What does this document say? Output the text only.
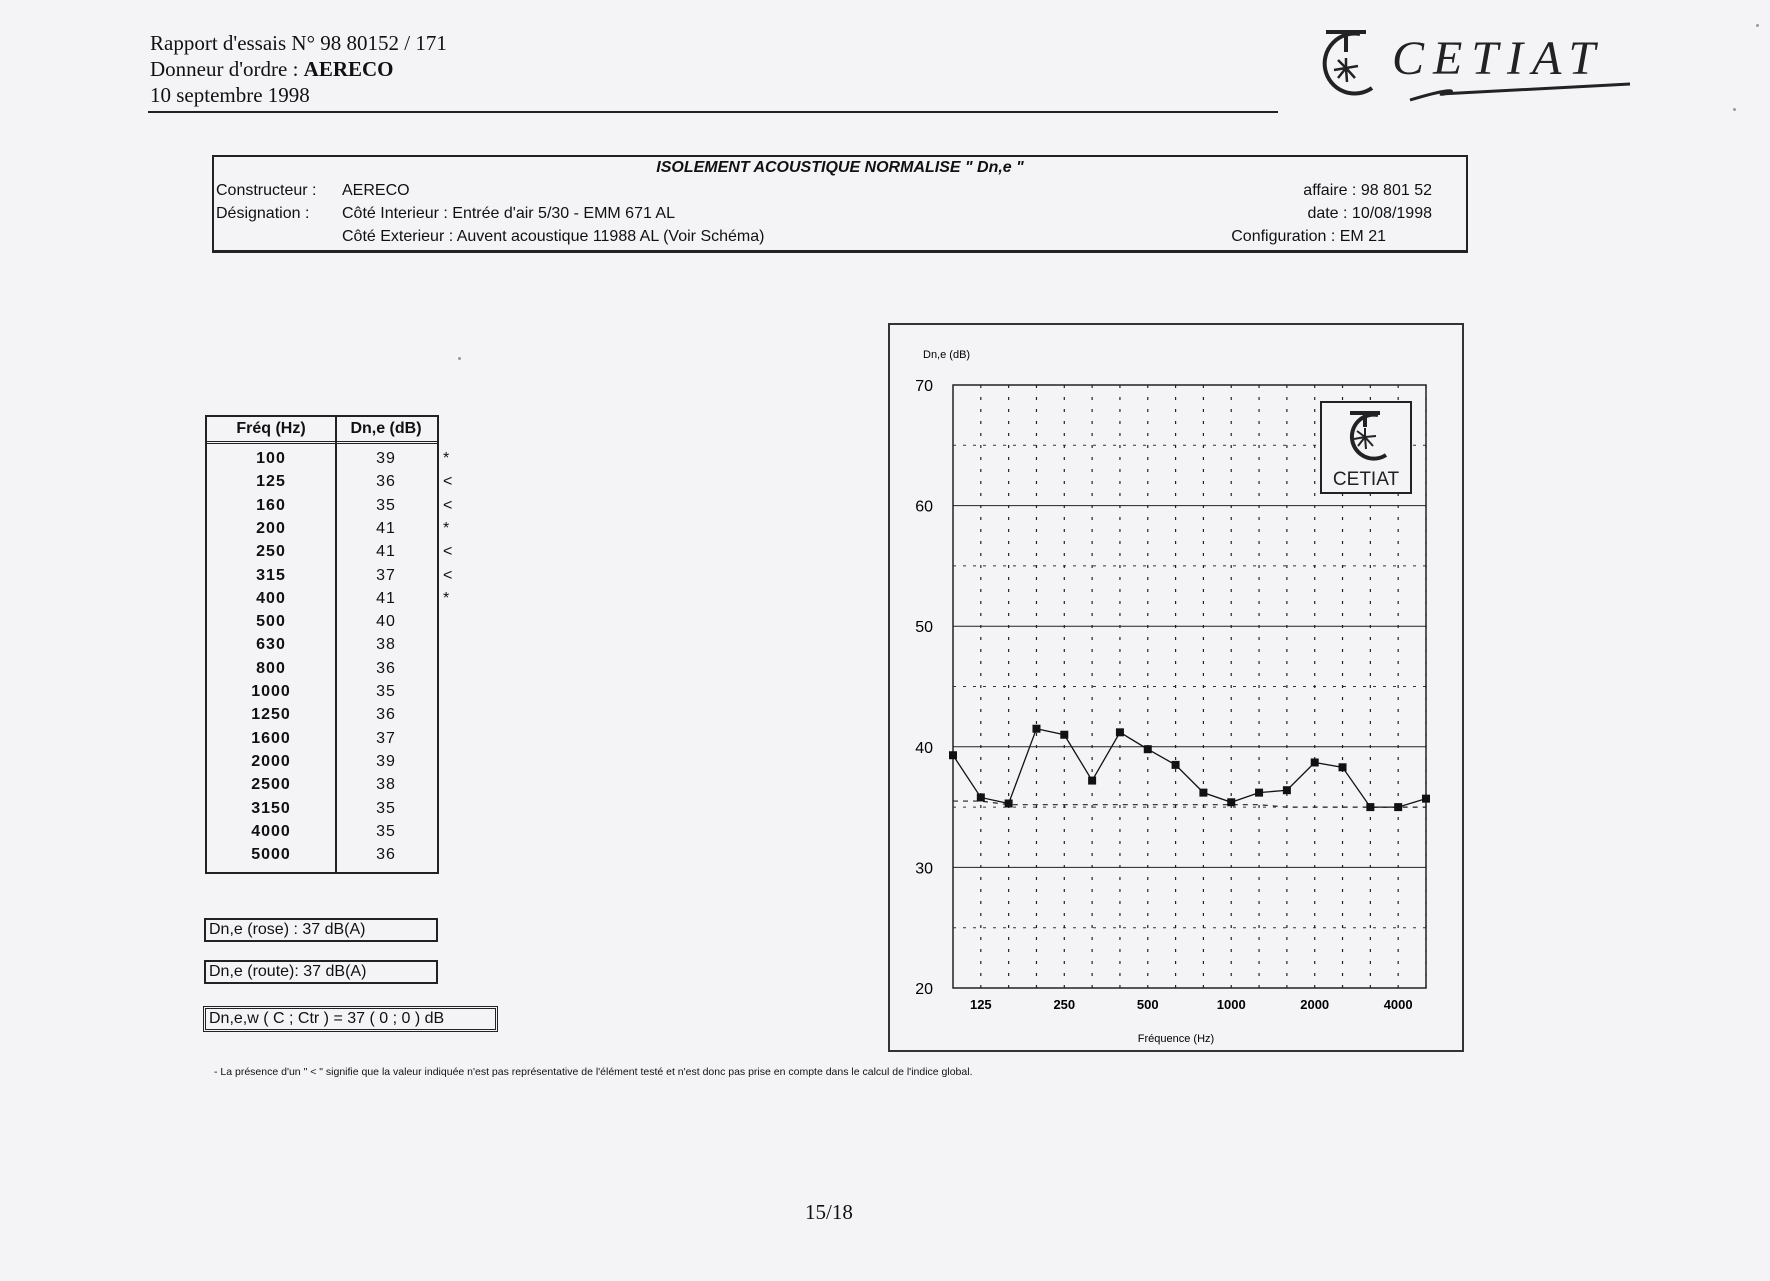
Rapport d'essais N° 98 80152 / 171
Donneur d'ordre : AERECO
10 septembre 1998
CETIAT
ISOLEMENT ACOUSTIQUE NORMALISE " Dn,e "
Constructeur : AERECO
Désignation : Côté Interieur : Entrée d'air 5/30 - EMM 671 AL
Côté Exterieur : Auvent acoustique 11988 AL (Voir Schéma)
affaire : 98 801 52
date : 10/08/1998
Configuration : EM 21
Fréq (Hz)	Dn,e (dB)
100	39	*
125	36	<
160	35	<
200	41	*
250	41	<
315	37	<
400	41	*
500	40
630	38
800	36
1000	35
1250	36
1600	37
2000	39
2500	38
3150	35
4000	35
5000	36
Dn,e (rose) : 37 dB(A)
Dn,e (route): 37 dB(A)
Dn,e,w ( C ; Ctr ) = 37 ( 0 ; 0 ) dB
70
60
50
40
30
20
125	250	500	1000	2000	4000
Dn,e (dB)
Fréquence (Hz)
CETIAT
- La présence d'un " < " signifie que la valeur indiquée n'est pas représentative de l'élément testé et n'est donc pas prise en compte dans le calcul de l'indice global.
15/18
